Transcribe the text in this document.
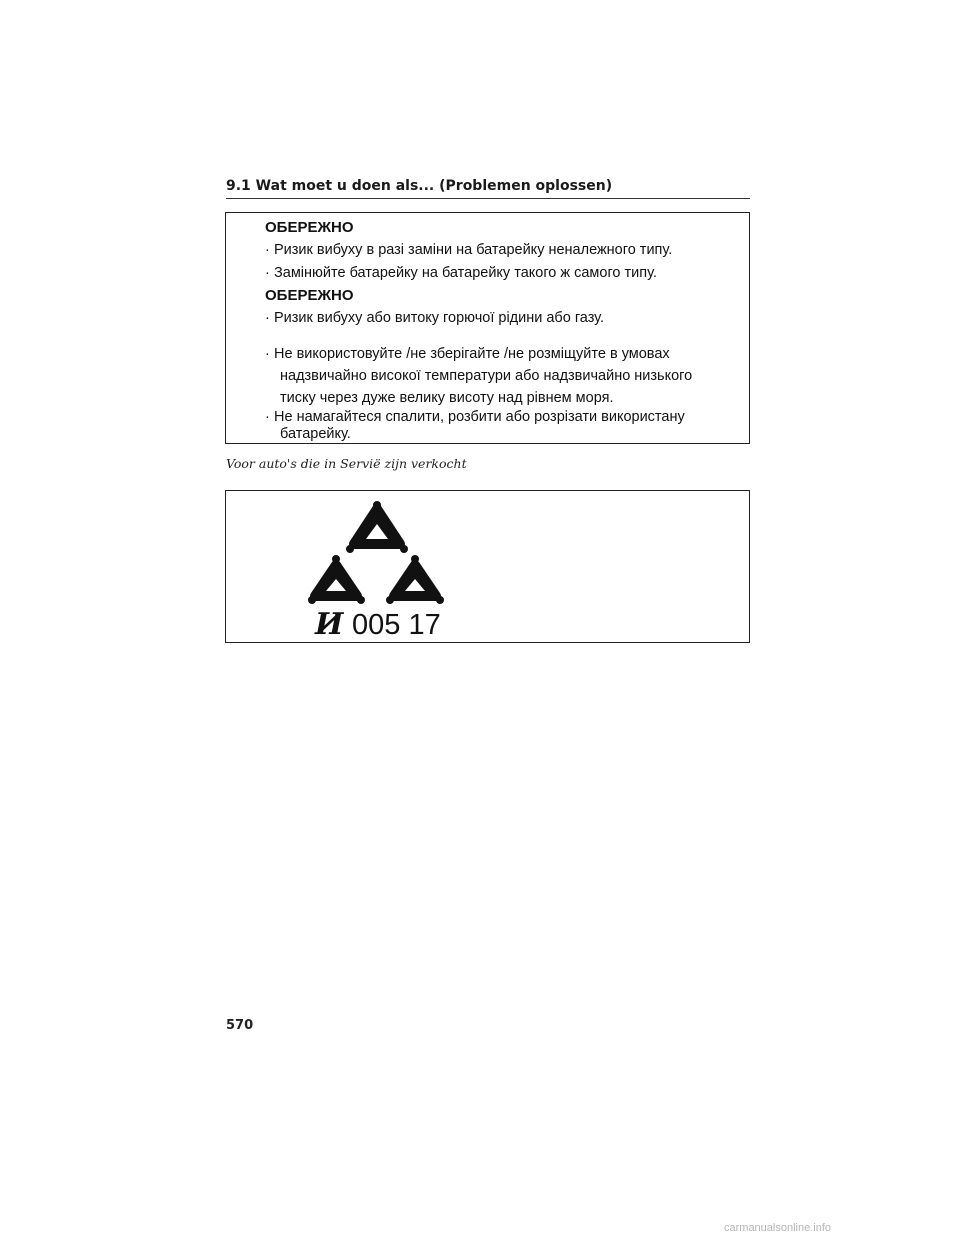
9.1 Wat moet u doen als... (Problemen oplossen)
ОБЕРЕЖНО
· Ризик вибуху в разі заміни на батарейку неналежного типу.
· Замінюйте батарейку на батарейку такого ж самого типу.
ОБЕРЕЖНО
· Ризик вибуху або витоку горючої рідини або газу.
· Не використовуйте /не зберігайте /не розміщуйте в умовах
надзвичайно високої температури або надзвичайно низького
тиску через дуже велику висоту над рівнем моря.
· Не намагайтеся спалити, розбити або розрізати використану
батарейку.
Voor auto's die in Servië zijn verkocht
И 005 17
570
carmanualsonline.info
